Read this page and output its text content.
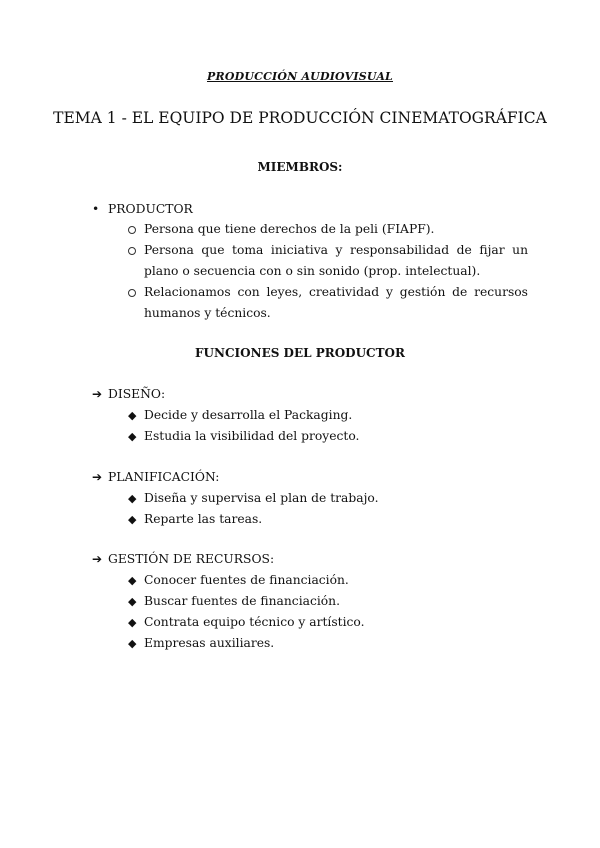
PRODUCCIÓN AUDIOVISUAL
TEMA 1 - EL EQUIPO DE PRODUCCIÓN CINEMATOGRÁFICA
MIEMBROS:
• PRODUCTOR
Persona que tiene derechos de la peli (FIAPF).
Persona que toma iniciativa y responsabilidad de fijar un plano o secuencia con o sin sonido (prop. intelectual).
Relacionamos con leyes, creatividad y gestión de recursos humanos y técnicos.
FUNCIONES DEL PRODUCTOR
➔ DISEÑO:
◆ Decide y desarrolla el Packaging.
◆ Estudia la visibilidad del proyecto.
➔ PLANIFICACIÓN:
◆ Diseña y supervisa el plan de trabajo.
◆ Reparte las tareas.
➔ GESTIÓN DE RECURSOS:
◆ Conocer fuentes de financiación.
◆ Buscar fuentes de financiación.
◆ Contrata equipo técnico y artístico.
◆ Empresas auxiliares.
